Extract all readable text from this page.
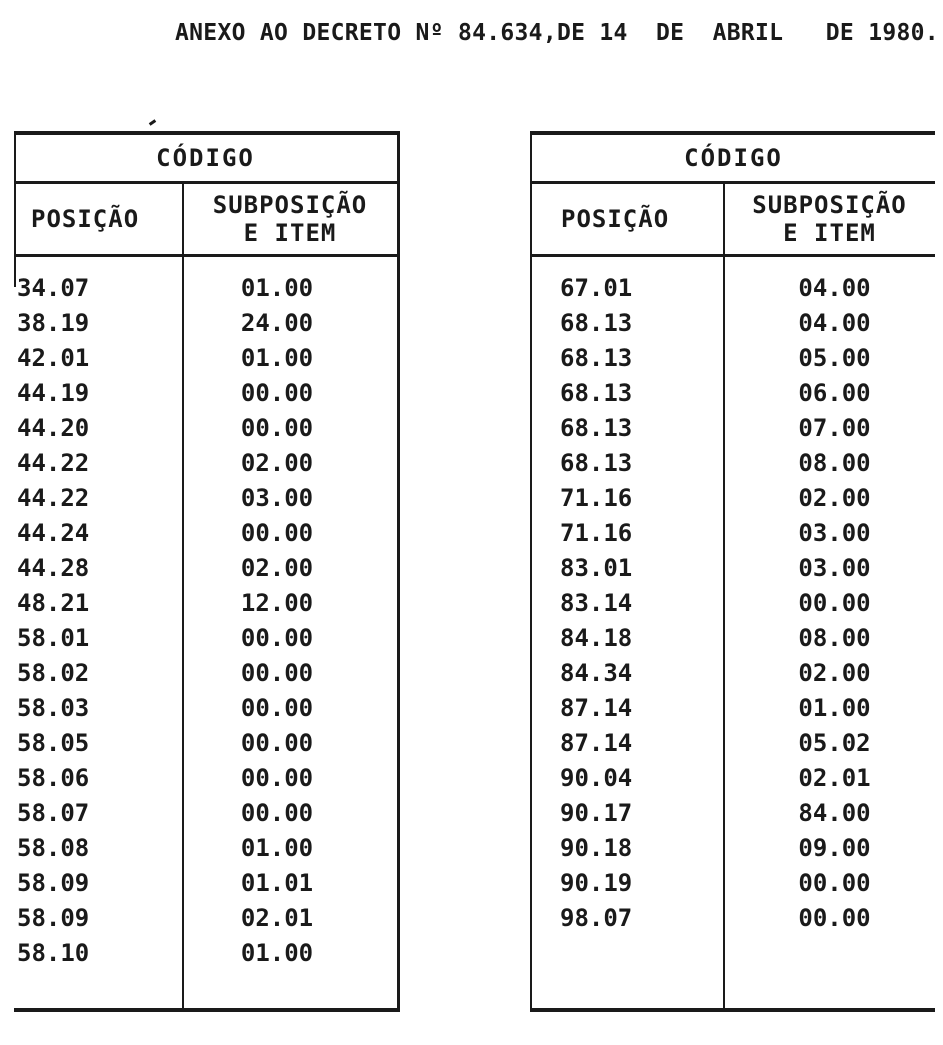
ANEXO AO DECRETO Nº 84.634,DE 14  DE  ABRIL   DE 1980.
CÓDIGO
POSIÇÃO	SUBPOSIÇÃO
E ITEM
34.07	01.00
38.19	24.00
42.01	01.00
44.19	00.00
44.20	00.00
44.22	02.00
44.22	03.00
44.24	00.00
44.28	02.00
48.21	12.00
58.01	00.00
58.02	00.00
58.03	00.00
58.05	00.00
58.06	00.00
58.07	00.00
58.08	01.00
58.09	01.01
58.09	02.01
58.10	01.00
CÓDIGO
POSIÇÃO	SUBPOSIÇÃO
E ITEM
67.01	04.00
68.13	04.00
68.13	05.00
68.13	06.00
68.13	07.00
68.13	08.00
71.16	02.00
71.16	03.00
83.01	03.00
83.14	00.00
84.18	08.00
84.34	02.00
87.14	01.00
87.14	05.02
90.04	02.01
90.17	84.00
90.18	09.00
90.19	00.00
98.07	00.00
